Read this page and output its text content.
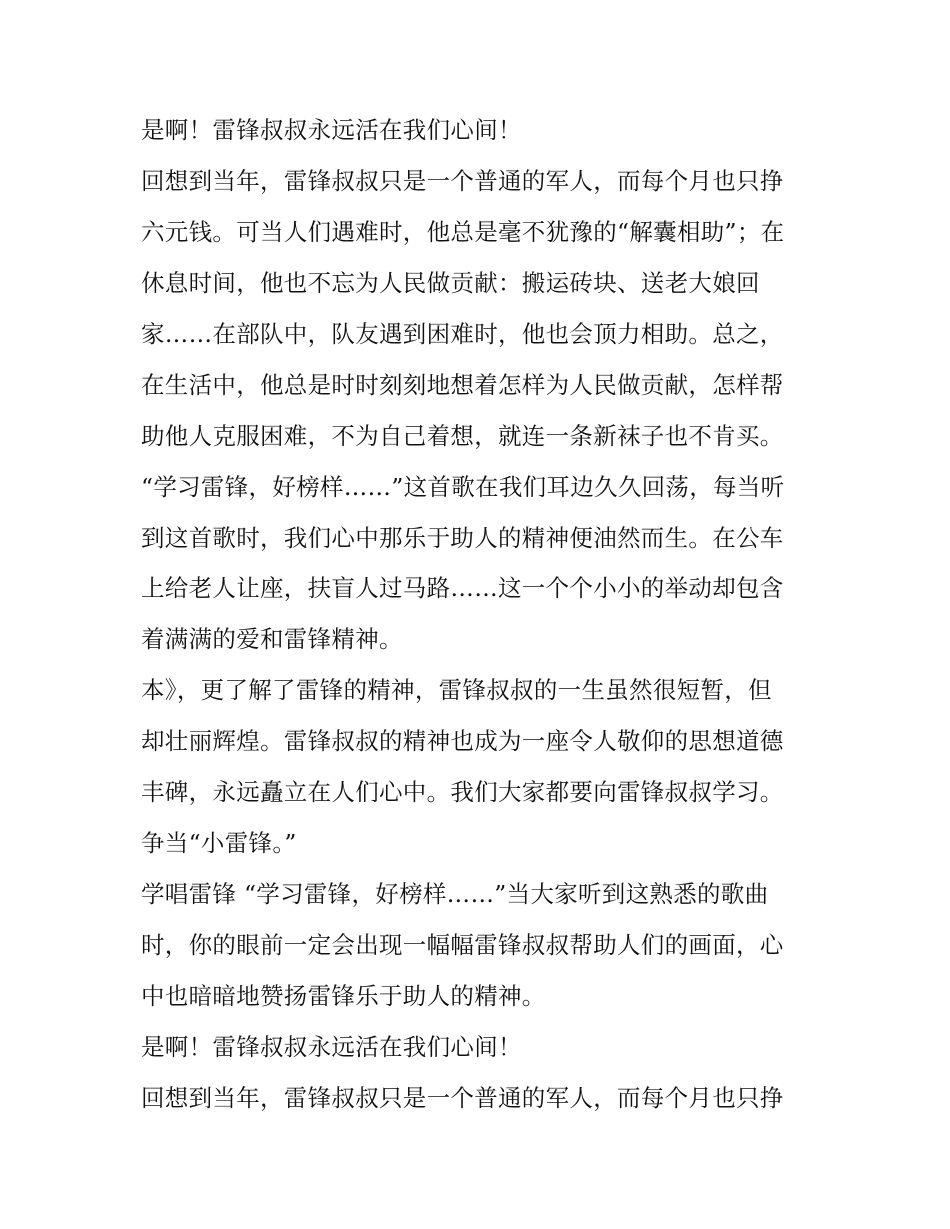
是啊！雷锋叔叔永远活在我们心间！
回想到当年，雷锋叔叔只是一个普通的军人，而每个月也只挣
六元钱。可当人们遇难时，他总是毫不犹豫的“解囊相助”；在
休息时间，他也不忘为人民做贡献：搬运砖块、送老大娘回
家……在部队中，队友遇到困难时，他也会顶力相助。总之，
在生活中，他总是时时刻刻地想着怎样为人民做贡献，怎样帮
助他人克服困难，不为自己着想，就连一条新袜子也不肯买。
“学习雷锋，好榜样……”这首歌在我们耳边久久回荡，每当听
到这首歌时，我们心中那乐于助人的精神便油然而生。在公车
上给老人让座，扶盲人过马路……这一个个小小的举动却包含
着满满的爱和雷锋精神。
本》，更了解了雷锋的精神，雷锋叔叔的一生虽然很短暂，但
却壮丽辉煌。雷锋叔叔的精神也成为一座令人敬仰的思想道德
丰碑，永远矗立在人们心中。我们大家都要向雷锋叔叔学习。
争当“小雷锋。”
学唱雷锋 “学习雷锋，好榜样……”当大家听到这熟悉的歌曲
时，你的眼前一定会出现一幅幅雷锋叔叔帮助人们的画面，心
中也暗暗地赞扬雷锋乐于助人的精神。
是啊！雷锋叔叔永远活在我们心间！
回想到当年，雷锋叔叔只是一个普通的军人，而每个月也只挣
